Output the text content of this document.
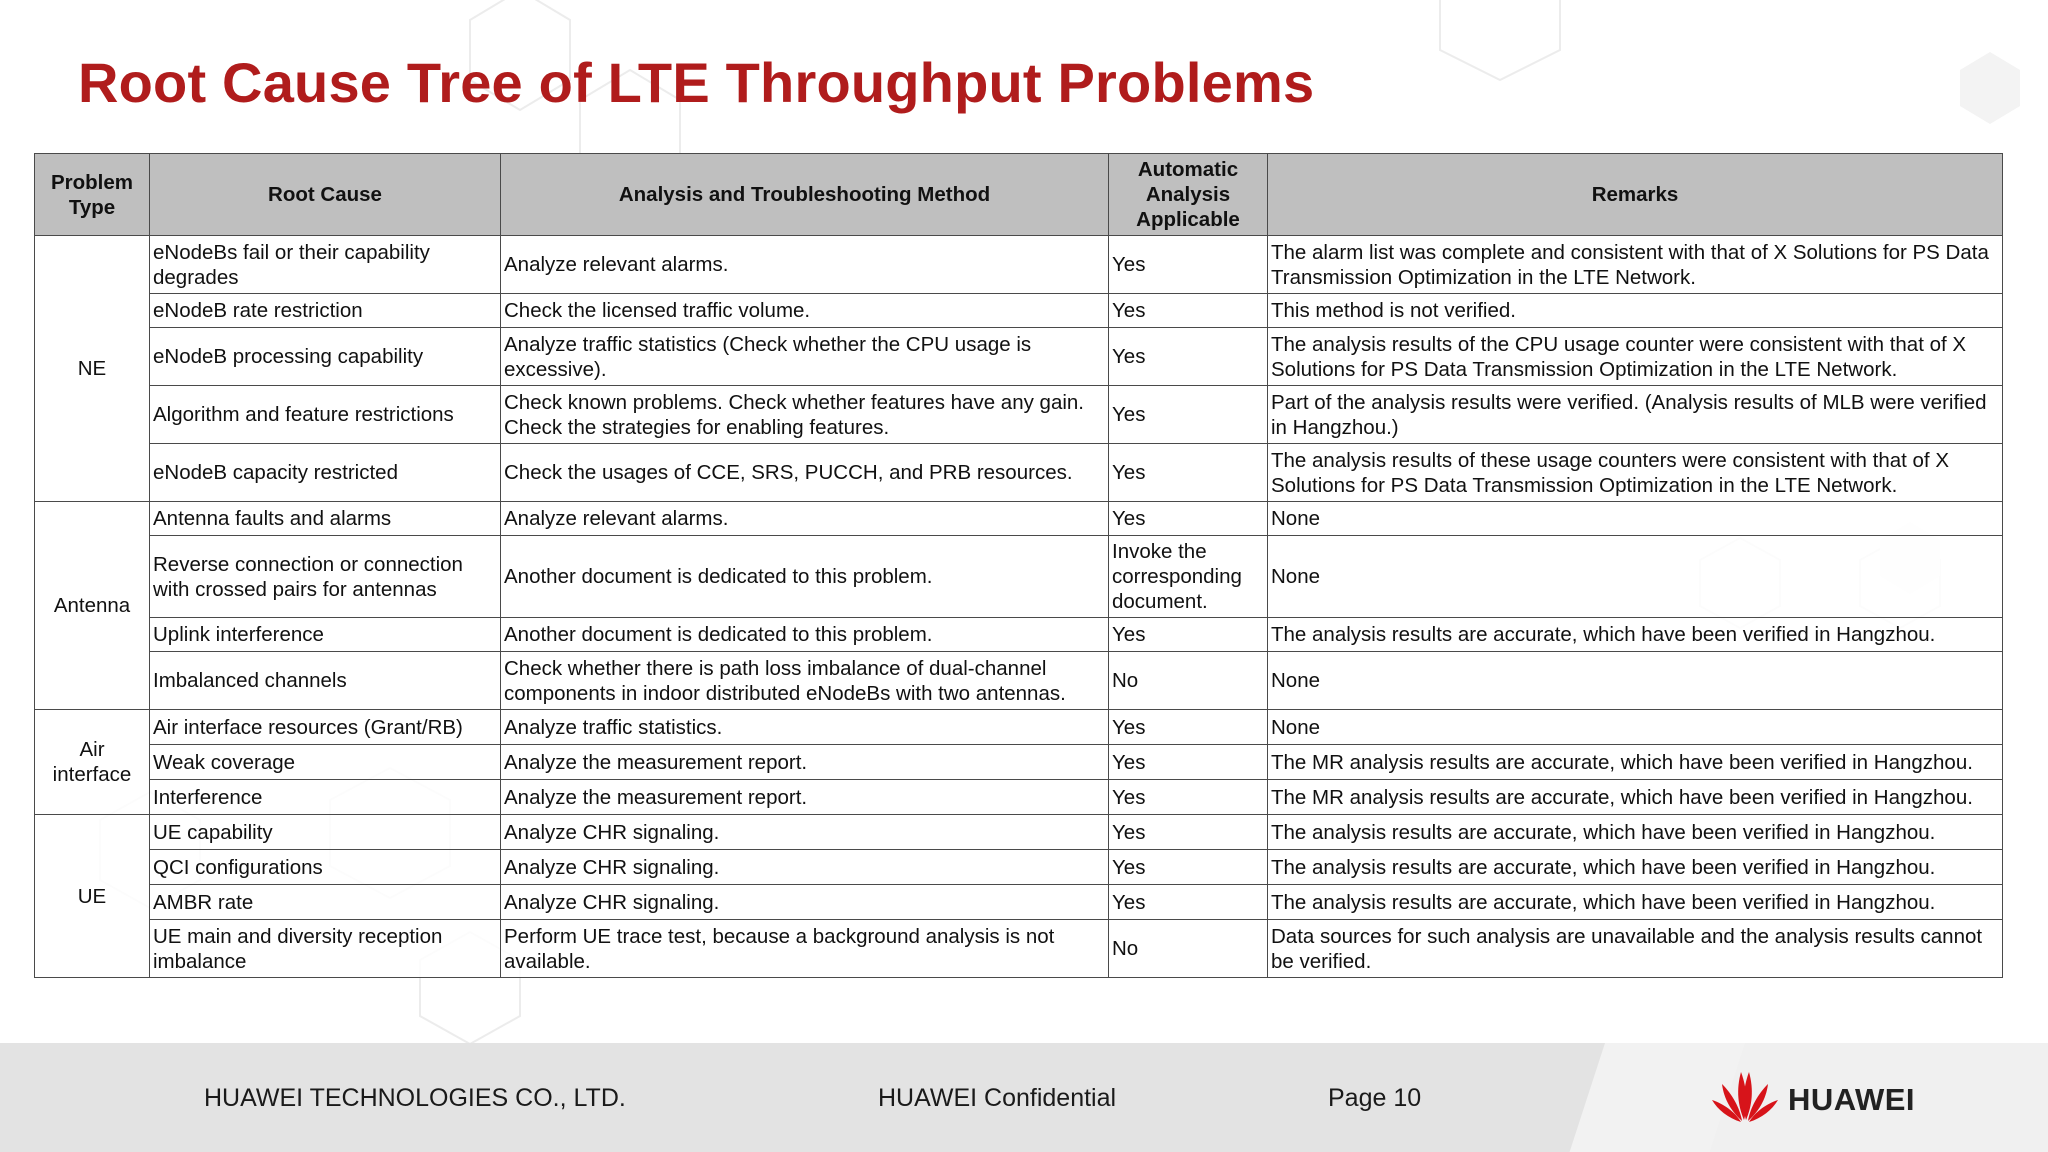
Root Cause Tree of LTE Throughput Problems
Problem Type	Root Cause	Analysis and Troubleshooting Method	Automatic Analysis Applicable	Remarks
NE	eNodeBs fail or their capability degrades	Analyze relevant alarms.	Yes	The alarm list was complete and consistent with that of X Solutions for PS Data Transmission Optimization in the LTE Network.
	eNodeB rate restriction	Check the licensed traffic volume.	Yes	This method is not verified.
	eNodeB processing capability	Analyze traffic statistics (Check whether the CPU usage is excessive).	Yes	The analysis results of the CPU usage counter were consistent with that of X Solutions for PS Data Transmission Optimization in the LTE Network.
	Algorithm and feature restrictions	Check known problems. Check whether features have any gain. Check the strategies for enabling features.	Yes	Part of the analysis results were verified. (Analysis results of MLB were verified in Hangzhou.)
	eNodeB capacity restricted	Check the usages of CCE, SRS, PUCCH, and PRB resources.	Yes	The analysis results of these usage counters were consistent with that of X Solutions for PS Data Transmission Optimization in the LTE Network.
Antenna	Antenna faults and alarms	Analyze relevant alarms.	Yes	None
	Reverse connection or connection with crossed pairs for antennas	Another document is dedicated to this problem.	Invoke the corresponding document.	None
	Uplink interference	Another document is dedicated to this problem.	Yes	The analysis results are accurate, which have been verified in Hangzhou.
	Imbalanced channels	Check whether there is path loss imbalance of dual-channel components in indoor distributed eNodeBs with two antennas.	No	None
Air interface	Air interface resources (Grant/RB)	Analyze traffic statistics.	Yes	None
	Weak coverage	Analyze the measurement report.	Yes	The MR analysis results are accurate, which have been verified in Hangzhou.
	Interference	Analyze the measurement report.	Yes	The MR analysis results are accurate, which have been verified in Hangzhou.
UE	UE capability	Analyze CHR signaling.	Yes	The analysis results are accurate, which have been verified in Hangzhou.
	QCI configurations	Analyze CHR signaling.	Yes	The analysis results are accurate, which have been verified in Hangzhou.
	AMBR rate	Analyze CHR signaling.	Yes	The analysis results are accurate, which have been verified in Hangzhou.
	UE main and diversity reception imbalance	Perform UE trace test, because a background analysis is not available.	No	Data sources for such analysis are unavailable and the analysis results cannot be verified.
HUAWEI TECHNOLOGIES CO., LTD.	HUAWEI Confidential	Page 10	HUAWEI
